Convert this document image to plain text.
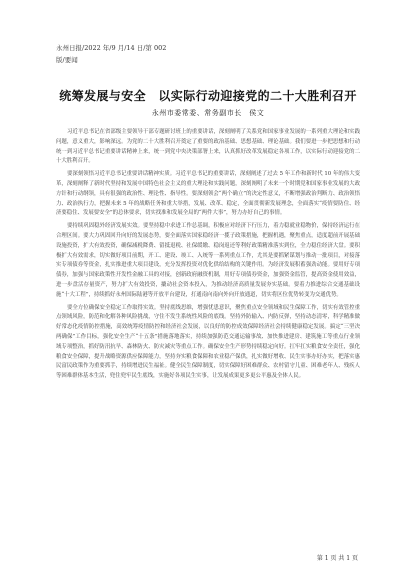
永州日报/2022 年/9 月/14 日/第 002
版/要闻
统筹发展与安全　以实际行动迎接党的二十大胜利召开
永州市委常委、常务副市长　侯文

习近平总书记在省部级主要领导干部专题研讨班上的重要讲话，深刻阐明了关系党和国家事业发展的一系列重大理论和实践问题，意义重大，影响深远。为党的二十大胜利召开奠定了重要的政治基础、思想基础、理论基础。我们要进一步把思想和行动统一到习近平总书记重要讲话精神上来，统一到党中央决策部署上来，认真抓好改革发展稳定各项工作，以实际行动迎接党的二十大胜利召开。

要深刻领悟习近平总书记重要讲话精神实质。习近平总书记的重要讲话，深刻阐述了过去 5 年工作和新时代 10 年的伟大变革，深刻阐释了新时代坚持和发展中国特色社会主义的重大理论和实践问题，深刻阐明了未来一个时期党和国家事业发展的大政方针和行动纲领，具有很强的政治性、理论性、指导性。要深刻领会“两个确立”的决定性意义，不断增强政治判断力、政治领悟力、政治执行力，把握未来 5 年的战略任务和重大举措，发展、改革、稳定，全面贯彻新发展理念，全面落实“疫情要防住、经济要稳住、发展要安全”的总体要求，切实找准和发展全局的“两件大事”，努力办好自己的事情。

要持续巩固稳外经济发展实效。要坚持稳中求进工作总基调，积极应对经济下行压力，着力稳就业稳物价，保持经济运行在合理区间。要大力巩固回升向好的发展态势，要全面落实国家稳经济一揽子政策措施，把握机遇，聚焦重点，适度超前开展基础设施投资，扩大有效投资，确保减税降费、留抵退税、社保缓缴、稳岗返还等利好政策精准落实到位，全力稳住经济大盘。要积极扩大有效需求，切实做好项目前期，开工、建设、竣工、入统等一系列重点工作，尤其是要抓紧谋划与推动一批项目，对接落实专项债券等资金，扎实推进重大项目建设，充分发挥投资对优化供给结构的关键作用。为经济发展积蓄强劲动能。要用好专项债券，加强与国家政策性开发性金融工具的对接，创新政府融资机制，用好专项债券资金，加强资金监管，提高资金使用效益，进一步盘活存量资产，努力扩大有效投资，撬动社会资本投入，为推动经济高质量发展夯实基础。要着力推进综合交通基础设施“十大工程”，持续抓好永州国际陆港等开放平台建设，打通南向南向外向开放通道，切实将区位优势转变为交通优势。

要全方位确保安全稳定工作取得实效。坚持底线思维，增强忧患意识，聚焦重点安全领域和民生保障工作，切实有效管控重点领域风险，防范和化解各种风险挑战，守住不发生系统性风险的底线。坚持外防输入、内防反弹，坚持动态清零，科学精准做好常态化疫情防控措施，高效统筹疫情防控和经济社会发展，以良好的防控成效保障经济社会持续健康稳定发展。搞定“三坚决两确保”工作目标，强化安全生产“十五条”措施落地落实，持续加强防范交通运输事故、加快推进建房、建筑施工等重点行业领域专项整治，抓好防汛抗旱、森林防火、防灾减灾等重点工作。确保安全生产形势持续稳定向好。扛牢扛实粮食安全责任，强化粮食安全保障，提升战略资源供应保障能力，坚持夯实粮食保障和农业稳产保供，扎实做好增收、民生实事办好办实，把落实惠民富民政策作为重要抓手，持续增进民生福祉。健全民生保障制度，切实保障好困难群众、农村留守儿童、困难老年人、残疾人等困难群体基本生活，兜住兜牢民生底线，实施好各项民生实事，让发展成果更多更公平惠及全体人民。

第 1 页 共 1 页
